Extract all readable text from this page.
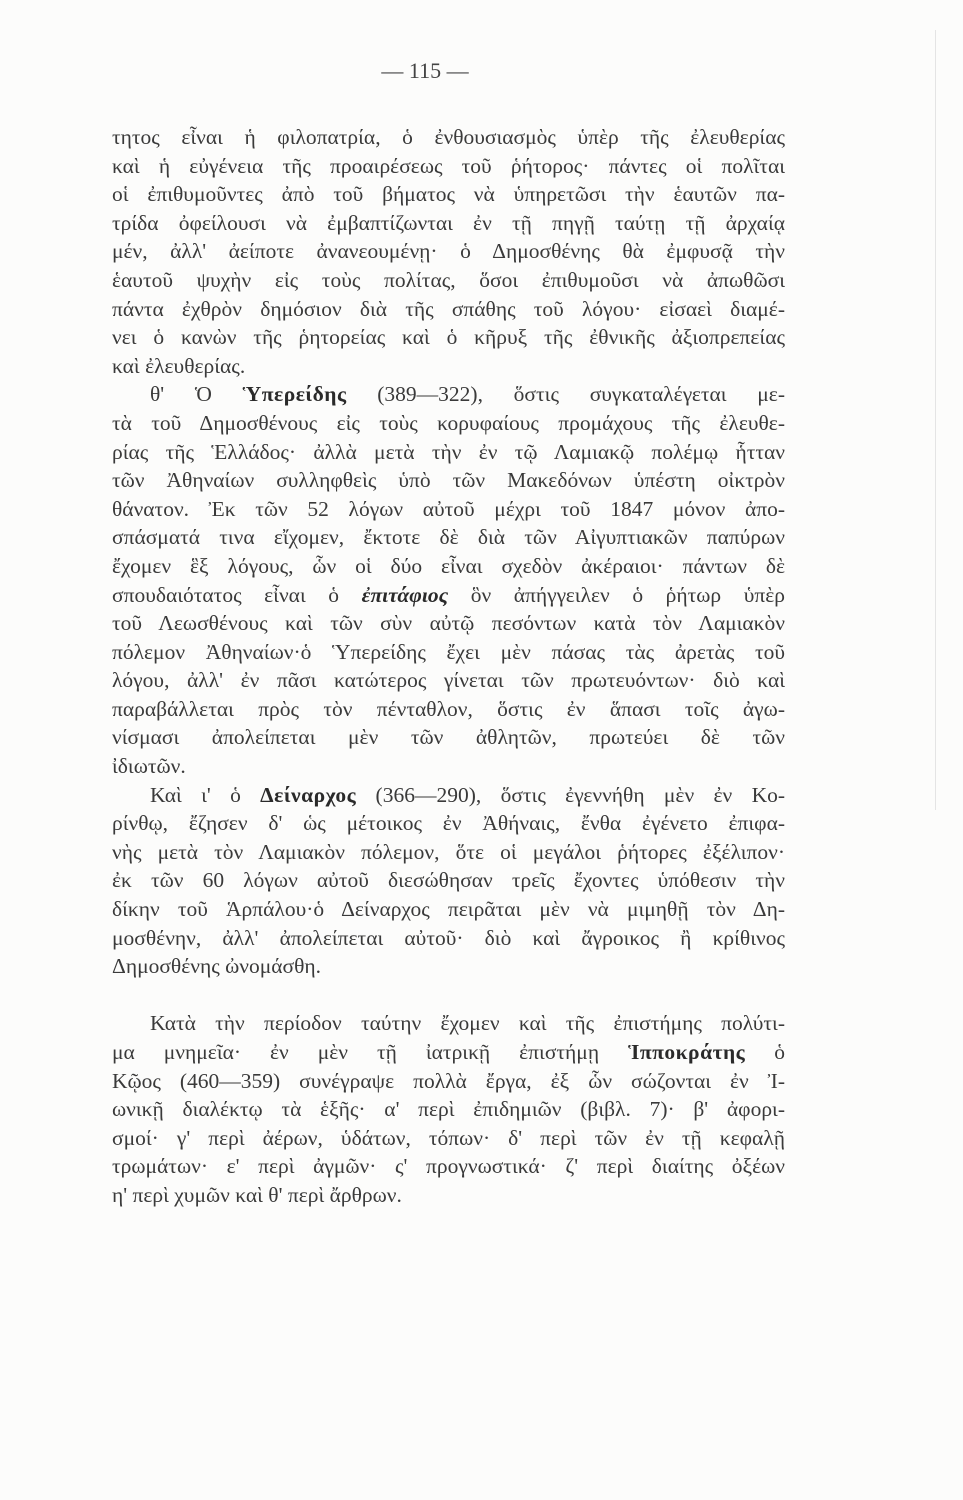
— 115 —
τητος εἶναι ἡ φιλοπατρία, ὁ ἐνθουσιασμὸς ὑπὲρ τῆς ἐλευθερίας
καὶ ἡ εὐγένεια τῆς προαιρέσεως τοῦ ῥήτορος· πάντες οἱ πολῖται
οἱ ἐπιθυμοῦντες ἀπὸ τοῦ βήματος νὰ ὑπηρετῶσι τὴν ἑαυτῶν πα-
τρίδα ὀφείλουσι νὰ ἐμβαπτίζωνται ἐν τῇ πηγῇ ταύτῃ τῇ ἀρχαίᾳ
μέν, ἀλλ' ἀείποτε ἀνανεουμένῃ· ὁ Δημοσθένης θὰ ἐμφυσᾷ τὴν
ἑαυτοῦ ψυχὴν εἰς τοὺς πολίτας, ὅσοι ἐπιθυμοῦσι νὰ ἀπωθῶσι
πάντα ἐχθρὸν δημόσιον διὰ τῆς σπάθης τοῦ λόγου· εἰσαεὶ διαμέ-
νει ὁ κανὼν τῆς ῥητορείας καὶ ὁ κῆρυξ τῆς ἐθνικῆς ἀξιοπρεπείας
καὶ ἐλευθερίας.
θ' Ὁ Ὑπερείδης (389—322), ὅστις συγκαταλέγεται με-
τὰ τοῦ Δημοσθένους εἰς τοὺς κορυφαίους προμάχους τῆς ἐλευθε-
ρίας τῆς Ἑλλάδος· ἀλλὰ μετὰ τὴν ἐν τῷ Λαμιακῷ πολέμῳ ἧτταν
τῶν Ἀθηναίων συλληφθεὶς ὑπὸ τῶν Μακεδόνων ὑπέστη οἰκτρὸν
θάνατον. Ἐκ τῶν 52 λόγων αὐτοῦ μέχρι τοῦ 1847 μόνον ἀπο-
σπάσματά τινα εἴχομεν, ἔκτοτε δὲ διὰ τῶν Αἰγυπτιακῶν παπύρων
ἔχομεν ἓξ λόγους, ὧν οἱ δύο εἶναι σχεδὸν ἀκέραιοι· πάντων δὲ
σπουδαιότατος εἶναι ὁ ἐπιτάφιος ὃν ἀπήγγειλεν ὁ ῥήτωρ ὑπὲρ
τοῦ Λεωσθένους καὶ τῶν σὺν αὐτῷ πεσόντων κατὰ τὸν Λαμιακὸν
πόλεμον Ἀθηναίων·ὁ Ὑπερείδης ἔχει μὲν πάσας τὰς ἀρετὰς τοῦ
λόγου, ἀλλ' ἐν πᾶσι κατώτερος γίνεται τῶν πρωτευόντων· διὸ καὶ
παραβάλλεται πρὸς τὸν πένταθλον, ὅστις ἐν ἅπασι τοῖς ἀγω-
νίσμασι ἀπολείπεται μὲν τῶν ἀθλητῶν, πρωτεύει δὲ τῶν
ἰδιωτῶν.
Καὶ ι' ὁ Δείναρχος (366—290), ὅστις ἐγεννήθη μὲν ἐν Κο-
ρίνθῳ, ἔζησεν δ' ὡς μέτοικος ἐν Ἀθήναις, ἔνθα ἐγένετο ἐπιφα-
νὴς μετὰ τὸν Λαμιακὸν πόλεμον, ὅτε οἱ μεγάλοι ῥήτορες ἐξέλιπον·
ἐκ τῶν 60 λόγων αὐτοῦ διεσώθησαν τρεῖς ἔχοντες ὑπόθεσιν τὴν
δίκην τοῦ Ἁρπάλου·ὁ Δείναρχος πειρᾶται μὲν νὰ μιμηθῇ τὸν Δη-
μοσθένην, ἀλλ' ἀπολείπεται αὐτοῦ· διὸ καὶ ἄγροικος ἢ κρίθινος
Δημοσθένης ὠνομάσθη.
Κατὰ τὴν περίοδον ταύτην ἔχομεν καὶ τῆς ἐπιστήμης πολύτι-
μα μνημεῖα· ἐν μὲν τῇ ἰατρικῇ ἐπιστήμῃ Ἱπποκράτης ὁ
Κῷος (460—359) συνέγραψε πολλὰ ἔργα, ἐξ ὧν σώζονται ἐν Ἰ-
ωνικῇ διαλέκτῳ τὰ ἑξῆς· α' περὶ ἐπιδημιῶν (βιβλ. 7)· β' ἀφορι-
σμοί· γ' περὶ ἀέρων, ὑδάτων, τόπων· δ' περὶ τῶν ἐν τῇ κεφαλῇ
τρωμάτων· ε' περὶ ἀγμῶν· ς' προγνωστικά· ζ' περὶ διαίτης ὀξέων
η' περὶ χυμῶν καὶ θ' περὶ ἄρθρων.
